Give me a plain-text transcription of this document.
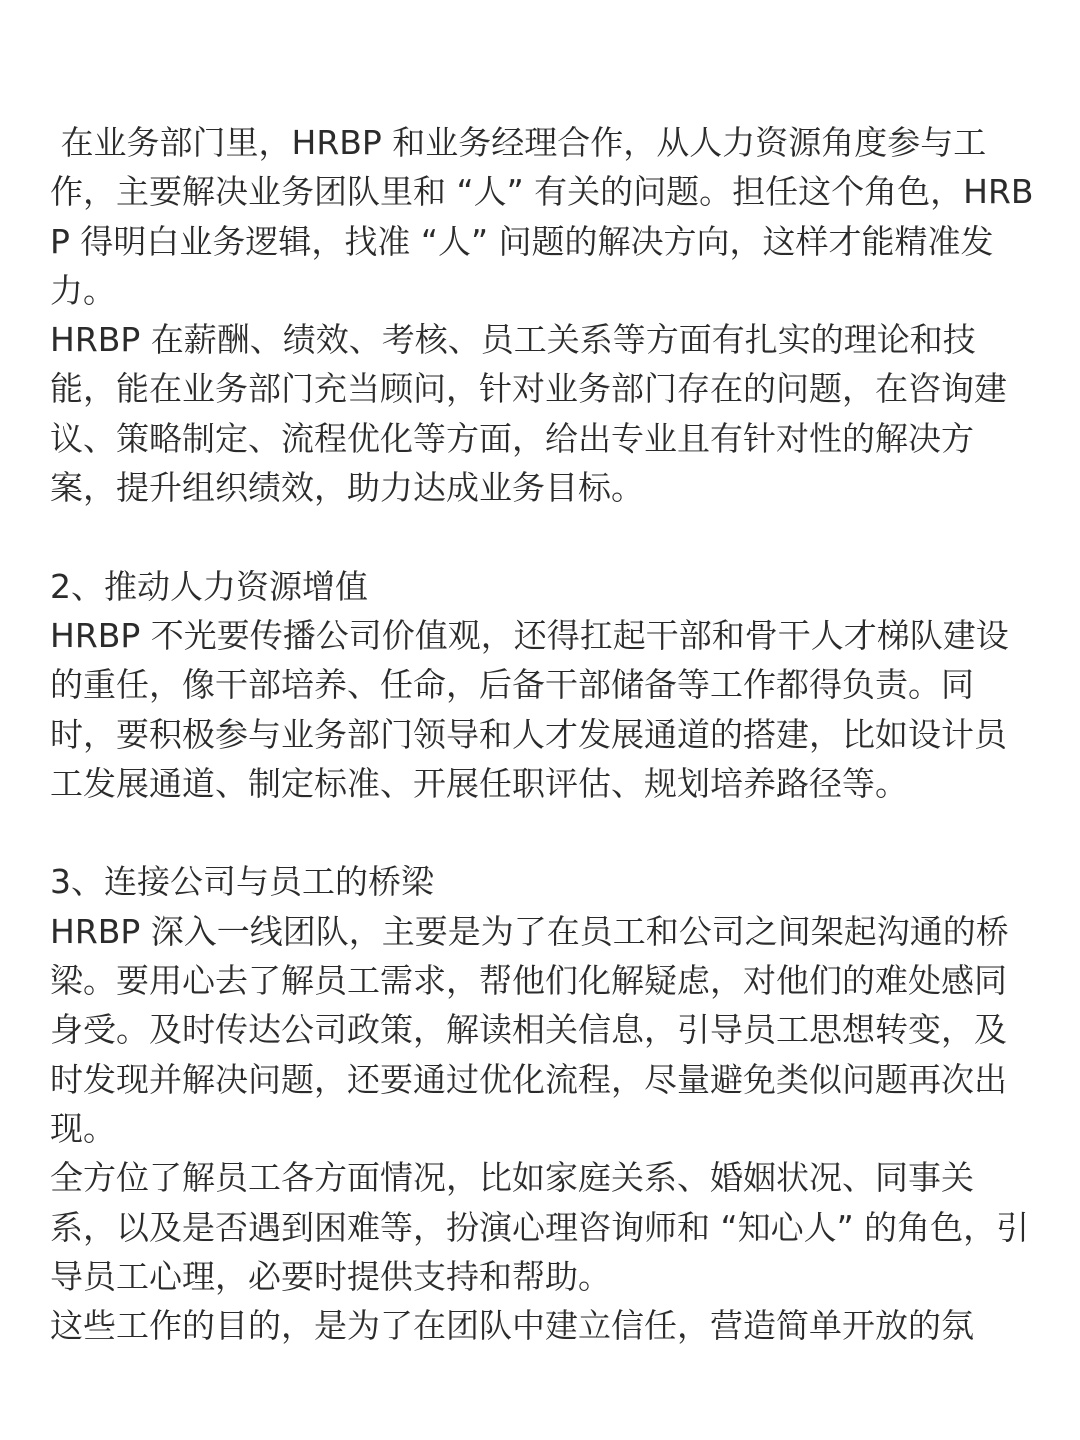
在业务部门里，HRBP 和业务经理合作，从人力资源角度参与工作，主要解决业务团队里和 “人” 有关的问题。担任这个角色，HRBP 得明白业务逻辑，找准 “人” 问题的解决方向，这样才能精准发力。

HRBP 在薪酬、绩效、考核、员工关系等方面有扎实的理论和技能，能在业务部门充当顾问，针对业务部门存在的问题，在咨询建议、策略制定、流程优化等方面，给出专业且有针对性的解决方案，提升组织绩效，助力达成业务目标。

2、推动人力资源增值

HRBP 不光要传播公司价值观，还得扛起干部和骨干人才梯队建设的重任，像干部培养、任命，后备干部储备等工作都得负责。同时，要积极参与业务部门领导和人才发展通道的搭建，比如设计员工发展通道、制定标准、开展任职评估、规划培养路径等。

3、连接公司与员工的桥梁

HRBP 深入一线团队，主要是为了在员工和公司之间架起沟通的桥梁。要用心去了解员工需求，帮他们化解疑虑，对他们的难处感同身受。及时传达公司政策，解读相关信息，引导员工思想转变，及时发现并解决问题，还要通过优化流程，尽量避免类似问题再次出现。

全方位了解员工各方面情况，比如家庭关系、婚姻状况、同事关系，以及是否遇到困难等，扮演心理咨询师和 “知心人” 的角色，引导员工心理，必要时提供支持和帮助。

这些工作的目的，是为了在团队中建立信任，营造简单开放的氛
